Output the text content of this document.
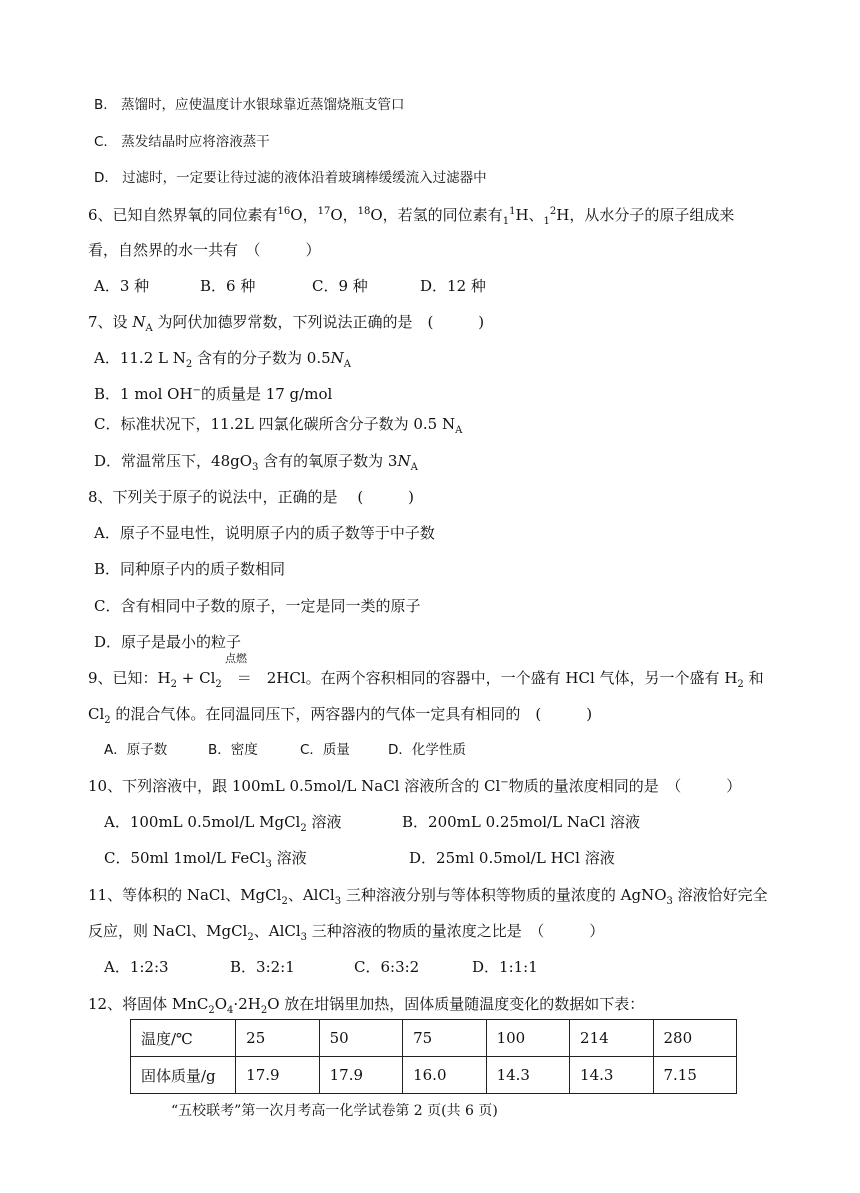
B.　蒸馏时，应使温度计水银球靠近蒸馏烧瓶支管口
C.　蒸发结晶时应将溶液蒸干
D.　过滤时，一定要让待过滤的液体沿着玻璃棒缓缓流入过滤器中
6、已知自然界氧的同位素有$^{16}$O，$^{17}$O，$^{18}$O，若氢的同位素有$_1^1$H、$_1^2$H，从水分子的原子组成来
看，自然界的水一共有　（　　　）
A．3 种	B．6 种	C．9 种	D．12 种
7、设 $N_A$ 为阿伏加德罗常数，下列说法正确的是　(　　　)
A．11.2 L $N_2$ 含有的分子数为 $0.5N_A$
B．1 mol OH−的质量是 17 g/mol
C．标准状况下，11.2L 四氯化碳所含分子数为 0.5 $N_A$
D．常温常压下，$48gO_3$ 含有的氧原子数为 $3N_A$
8、下列关于原子的说法中，正确的是　 (　　　)
A．原子不显电性，说明原子内的质子数等于中子数
B．同种原子内的质子数相同
C．含有相同中子数的原子，一定是同一类的原子
D．原子是最小的粒子
点燃
9、已知：$H_2 + Cl_2$　＝　2HCl。在两个容积相同的容器中，一个盛有 HCl 气体，另一个盛有 $H_2$ 和
$Cl_2$ 的混合气体。在同温同压下，两容器内的气体一定具有相同的　(　　　)
A．原子数	B．密度	C．质量	D．化学性质
10、下列溶液中，跟 100mL 0.5mol/L NaCl 溶液所含的 Cl−物质的量浓度相同的是　（　　　）
A．100mL 0.5mol/L MgCl$_2$ 溶液	B．200mL 0.25mol/L NaCl 溶液
C．50ml 1mol/L FeCl$_3$ 溶液	D．25ml 0.5mol/L HCl 溶液
11、等体积的 NaCl、MgCl$_2$、AlCl$_3$ 三种溶液分别与等体积等物质的量浓度的 AgNO$_3$ 溶液恰好完全
反应，则 NaCl、MgCl$_2$、AlCl$_3$ 三种溶液的物质的量浓度之比是　（　　　）
A．1:2:3	B．3:2:1	C．6:3:2	D．1:1:1
12、将固体 $MnC_2O_4\cdot 2H_2O$ 放在坩锅里加热，固体质量随温度变化的数据如下表：
温度/℃	25	50	75	100	214	280
固体质量/g	17.9	17.9	16.0	14.3	14.3	7.15
“五校联考”第一次月考高一化学试卷第 2 页(共 6 页)
